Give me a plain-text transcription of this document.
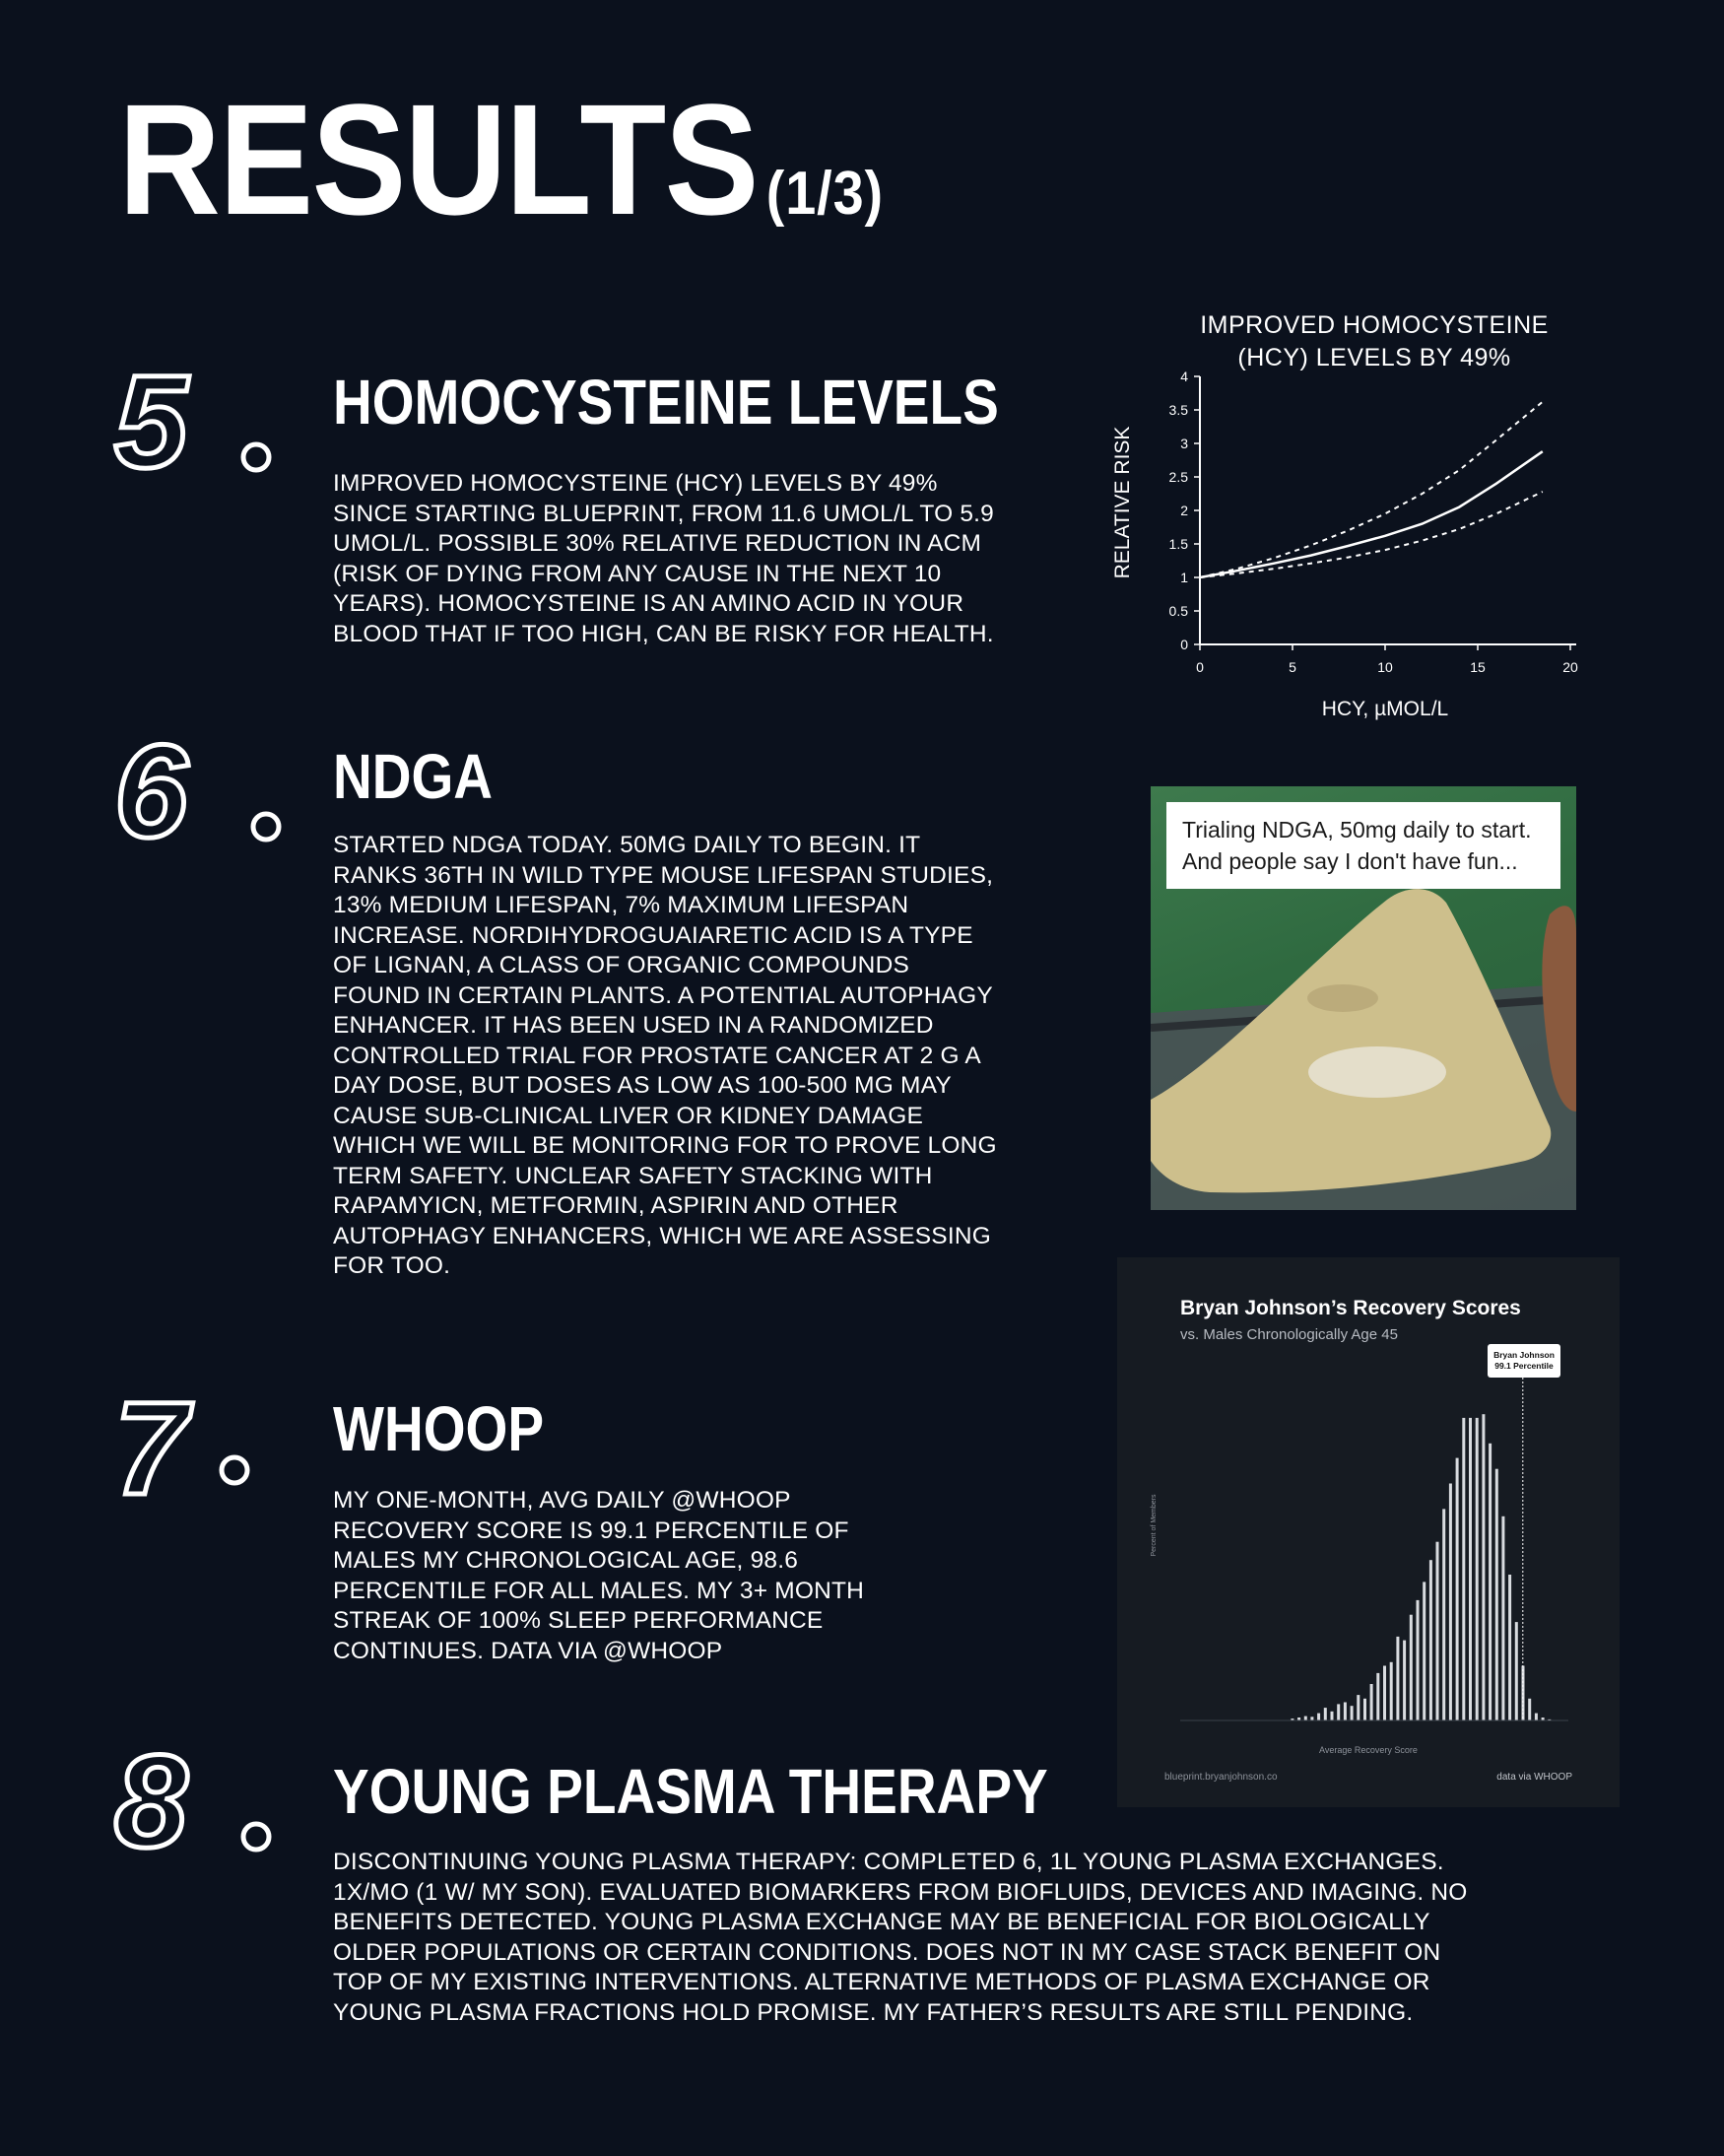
RESULTS (1/3)
5 HOMOCYSTEINE LEVELS

IMPROVED HOMOCYSTEINE (HCY) LEVELS BY 49% SINCE STARTING BLUEPRINT, FROM 11.6 UMOL/L TO 5.9 UMOL/L. POSSIBLE 30% RELATIVE REDUCTION IN ACM (RISK OF DYING FROM ANY CAUSE IN THE NEXT 10 YEARS). HOMOCYSTEINE IS AN AMINO ACID IN YOUR BLOOD THAT IF TOO HIGH, CAN BE RISKY FOR HEALTH.

IMPROVED HOMOCYSTEINE
(HCY) LEVELS BY 49%
0
0.5
1
1.5
2
2.5
3
3.5
4
0	5	10	15	20
HCY, µMOL/L
RELATIVE RISK
6 NDGA

STARTED NDGA TODAY. 50MG DAILY TO BEGIN. IT RANKS 36TH IN WILD TYPE MOUSE LIFESPAN STUDIES, 13% MEDIUM LIFESPAN, 7% MAXIMUM LIFESPAN INCREASE. NORDIHYDROGUAIARETIC ACID IS A TYPE OF LIGNAN, A CLASS OF ORGANIC COMPOUNDS FOUND IN CERTAIN PLANTS. A POTENTIAL AUTOPHAGY ENHANCER. IT HAS BEEN USED IN A RANDOMIZED CONTROLLED TRIAL FOR PROSTATE CANCER AT 2 G A DAY DOSE, BUT DOSES AS LOW AS 100-500 MG MAY CAUSE SUB-CLINICAL LIVER OR KIDNEY DAMAGE WHICH WE WILL BE MONITORING FOR TO PROVE LONG TERM SAFETY. UNCLEAR SAFETY STACKING WITH RAPAMYICN, METFORMIN, ASPIRIN AND OTHER AUTOPHAGY ENHANCERS, WHICH WE ARE ASSESSING FOR TOO.

Trialing NDGA, 50mg daily to start.
And people say I don't have fun...
Bryan Johnson’s Recovery Scores
vs. Males Chronologically Age 45
Percent of Members
Average Recovery Score
Bryan Johnson
99.1 Percentile
blueprint.bryanjohnson.co	data via WHOOP
7 WHOOP

MY ONE-MONTH, AVG DAILY @WHOOP RECOVERY SCORE IS 99.1 PERCENTILE OF MALES MY CHRONOLOGICAL AGE, 98.6 PERCENTILE FOR ALL MALES. MY 3+ MONTH STREAK OF 100% SLEEP PERFORMANCE CONTINUES. DATA VIA @WHOOP

8 YOUNG PLASMA THERAPY

DISCONTINUING YOUNG PLASMA THERAPY: COMPLETED 6, 1L YOUNG PLASMA EXCHANGES. 1X/MO (1 W/ MY SON). EVALUATED BIOMARKERS FROM BIOFLUIDS, DEVICES AND IMAGING. NO BENEFITS DETECTED. YOUNG PLASMA EXCHANGE MAY BE BENEFICIAL FOR BIOLOGICALLY OLDER POPULATIONS OR CERTAIN CONDITIONS. DOES NOT IN MY CASE STACK BENEFIT ON TOP OF MY EXISTING INTERVENTIONS. ALTERNATIVE METHODS OF PLASMA EXCHANGE OR YOUNG PLASMA FRACTIONS HOLD PROMISE. MY FATHER’S RESULTS ARE STILL PENDING.
